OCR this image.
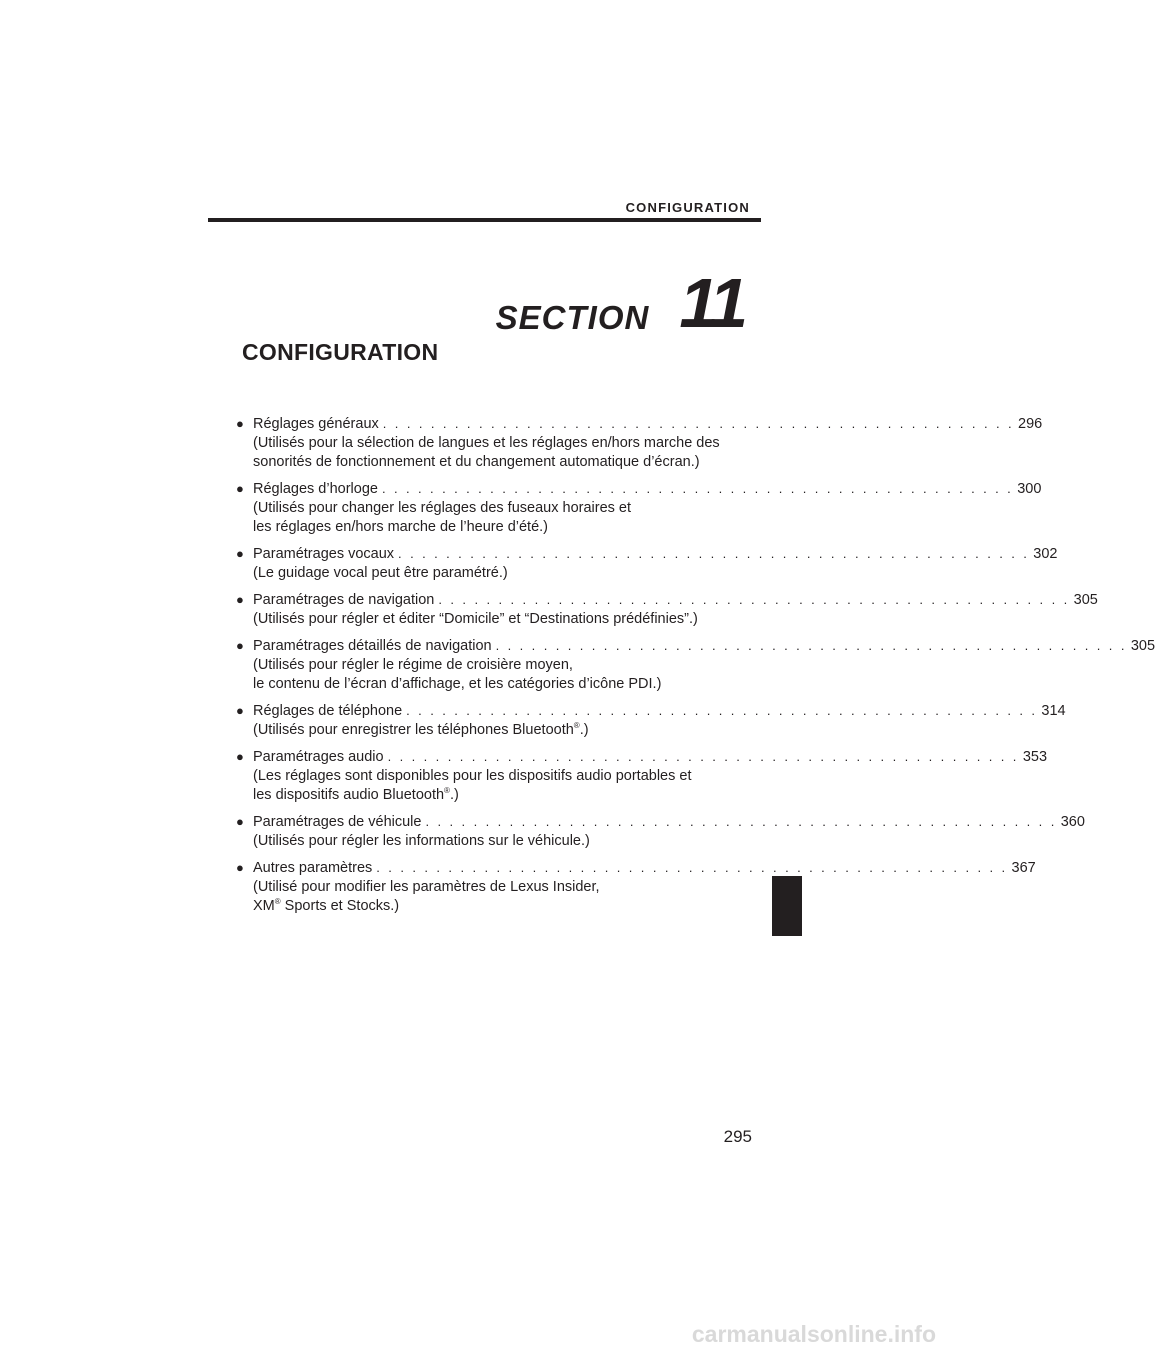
CONFIGURATION
SECTION 11
CONFIGURATION
● Réglages généraux . . . . . . . . . . . . . . . . . . . . . . . . . . . . . . . . . . . . . . . . . . . . . . . . . . . . . 296
(Utilisés pour la sélection de langues et les réglages en/hors marche des
sonorités de fonctionnement et du changement automatique d’écran.)
● Réglages d’horloge . . . . . . . . . . . . . . . . . . . . . . . . . . . . . . . . . . . . . . . . . . . . . . . . . . . . . 300
(Utilisés pour changer les réglages des fuseaux horaires et
les réglages en/hors marche de l’heure d’été.)
● Paramétrages vocaux . . . . . . . . . . . . . . . . . . . . . . . . . . . . . . . . . . . . . . . . . . . . . . . . . . . . . 302
(Le guidage vocal peut être paramétré.)
● Paramétrages de navigation . . . . . . . . . . . . . . . . . . . . . . . . . . . . . . . . . . . . . . . . . . . . . . . . . . . . . 305
(Utilisés pour régler et éditer “Domicile” et “Destinations prédéfinies”.)
● Paramétrages détaillés de navigation . . . . . . . . . . . . . . . . . . . . . . . . . . . . . . . . . . . . . . . . . . . . . . . . . . . . . 305
(Utilisés pour régler le régime de croisière moyen,
le contenu de l’écran d’affichage, et les catégories d’icône PDI.)
● Réglages de téléphone . . . . . . . . . . . . . . . . . . . . . . . . . . . . . . . . . . . . . . . . . . . . . . . . . . . . . 314
(Utilisés pour enregistrer les téléphones Bluetooth®.)
● Paramétrages audio . . . . . . . . . . . . . . . . . . . . . . . . . . . . . . . . . . . . . . . . . . . . . . . . . . . . . 353
(Les réglages sont disponibles pour les dispositifs audio portables et
les dispositifs audio Bluetooth®.)
● Paramétrages de véhicule . . . . . . . . . . . . . . . . . . . . . . . . . . . . . . . . . . . . . . . . . . . . . . . . . . . . . 360
(Utilisés pour régler les informations sur le véhicule.)
● Autres paramètres . . . . . . . . . . . . . . . . . . . . . . . . . . . . . . . . . . . . . . . . . . . . . . . . . . . . . 367
(Utilisé pour modifier les paramètres de Lexus Insider,
XM® Sports et Stocks.)
295
carmanualsonline.info
